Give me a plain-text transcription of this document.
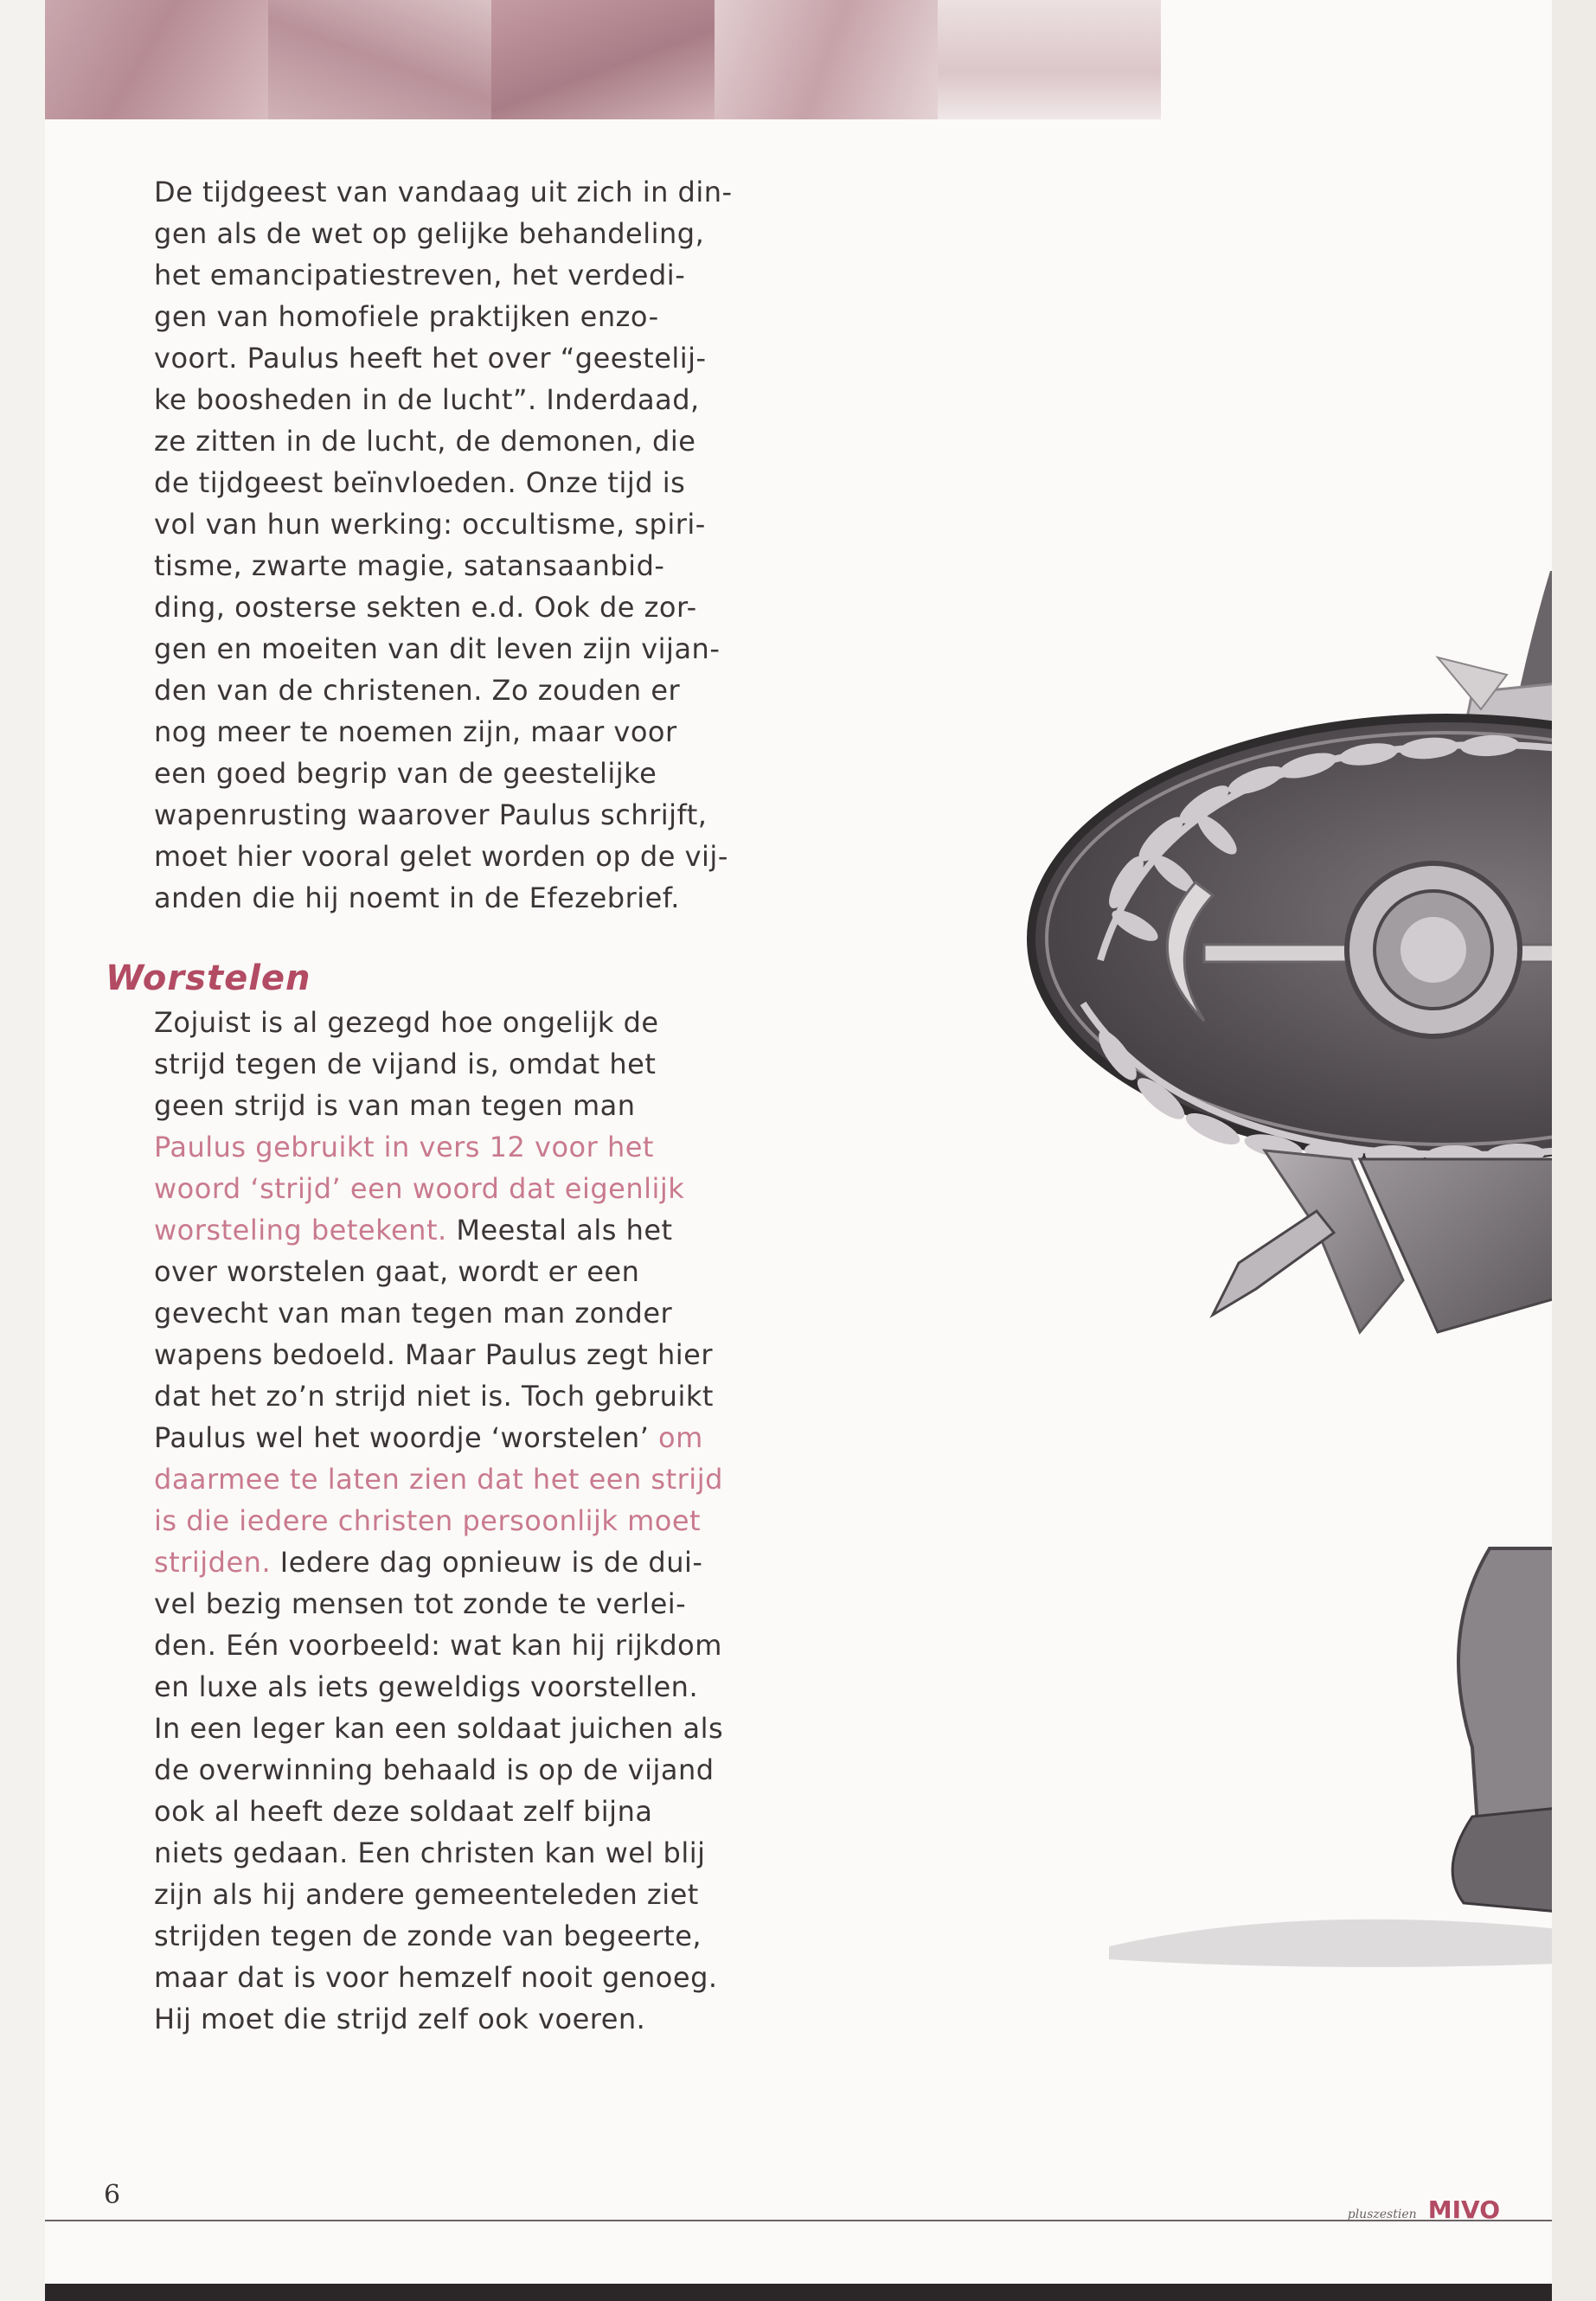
De tijdgeest van vandaag uit zich in din-
gen als de wet op gelijke behandeling,
het emancipatiestreven, het verdedi-
gen van homofiele praktijken enzo-
voort. Paulus heeft het over “geestelij-
ke boosheden in de lucht”. Inderdaad,
ze zitten in de lucht, de demonen, die
de tijdgeest beïnvloeden. Onze tijd is
vol van hun werking: occultisme, spiri-
tisme, zwarte magie, satansaanbid-
ding, oosterse sekten e.d. Ook de zor-
gen en moeiten van dit leven zijn vijan-
den van de christenen. Zo zouden er
nog meer te noemen zijn, maar voor
een goed begrip van de geestelijke
wapenrusting waarover Paulus schrijft,
moet hier vooral gelet worden op de vij-
anden die hij noemt in de Efezebrief.

Worstelen

Zojuist is al gezegd hoe ongelijk de
strijd tegen de vijand is, omdat het
geen strijd is van man tegen man
Paulus gebruikt in vers 12 voor het
woord ‘strijd’ een woord dat eigenlijk
worsteling betekent. Meestal als het
over worstelen gaat, wordt er een
gevecht van man tegen man zonder
wapens bedoeld. Maar Paulus zegt hier
dat het zo’n strijd niet is. Toch gebruikt
Paulus wel het woordje ‘worstelen’ om
daarmee te laten zien dat het een strijd
is die iedere christen persoonlijk moet
strijden. Iedere dag opnieuw is de dui-
vel bezig mensen tot zonde te verlei-
den. Eén voorbeeld: wat kan hij rijkdom
en luxe als iets geweldigs voorstellen.
In een leger kan een soldaat juichen als
de overwinning behaald is op de vijand
ook al heeft deze soldaat zelf bijna
niets gedaan. Een christen kan wel blij
zijn als hij andere gemeenteleden ziet
strijden tegen de zonde van begeerte,
maar dat is voor hemzelf nooit genoeg.
Hij moet die strijd zelf ook voeren.

6
pluszestien MIVO
